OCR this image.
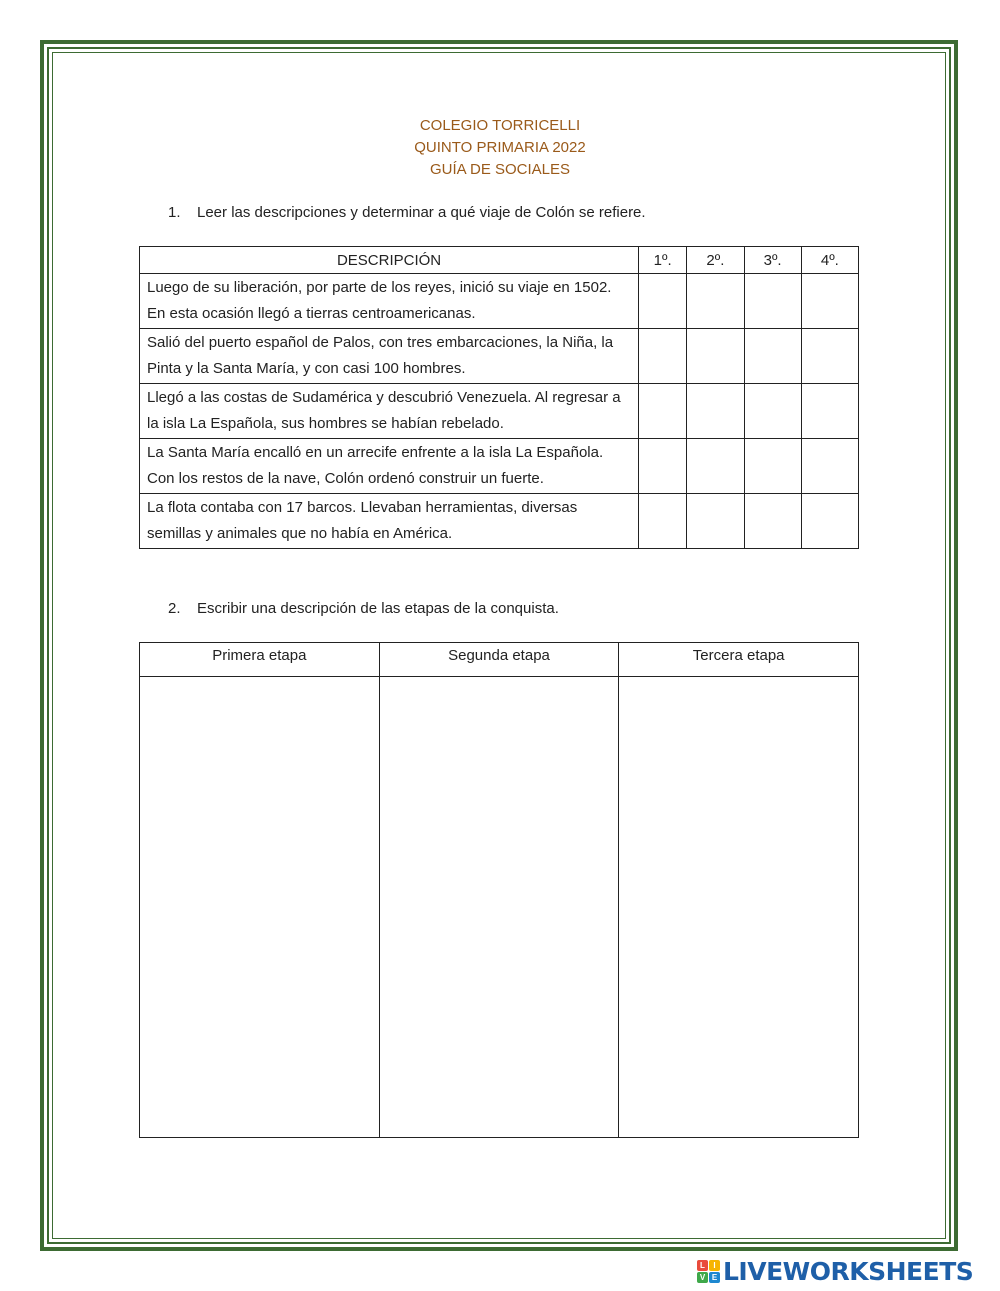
COLEGIO TORRICELLI
QUINTO PRIMARIA 2022
GUÍA DE SOCIALES
1. Leer las descripciones y determinar a qué viaje de Colón se refiere.
DESCRIPCIÓN	1º.	2º.	3º.	4º.
Luego de su liberación, por parte de los reyes, inició su viaje en 1502. En esta ocasión llegó a tierras centroamericanas.				
Salió del puerto español de Palos, con tres embarcaciones, la Niña, la Pinta y la Santa María, y con casi 100 hombres.				
Llegó a las costas de Sudamérica y descubrió Venezuela. Al regresar a la isla La Española, sus hombres se habían rebelado.				
La Santa María encalló en un arrecife enfrente a la isla La Española. Con los restos de la nave, Colón ordenó construir un fuerte.				
La flota contaba con 17 barcos. Llevaban herramientas, diversas semillas y animales que no había en América.				
2. Escribir una descripción de las etapas de la conquista.
Primera etapa	Segunda etapa	Tercera etapa

L	I
V E LIVEWORKSHEETS
